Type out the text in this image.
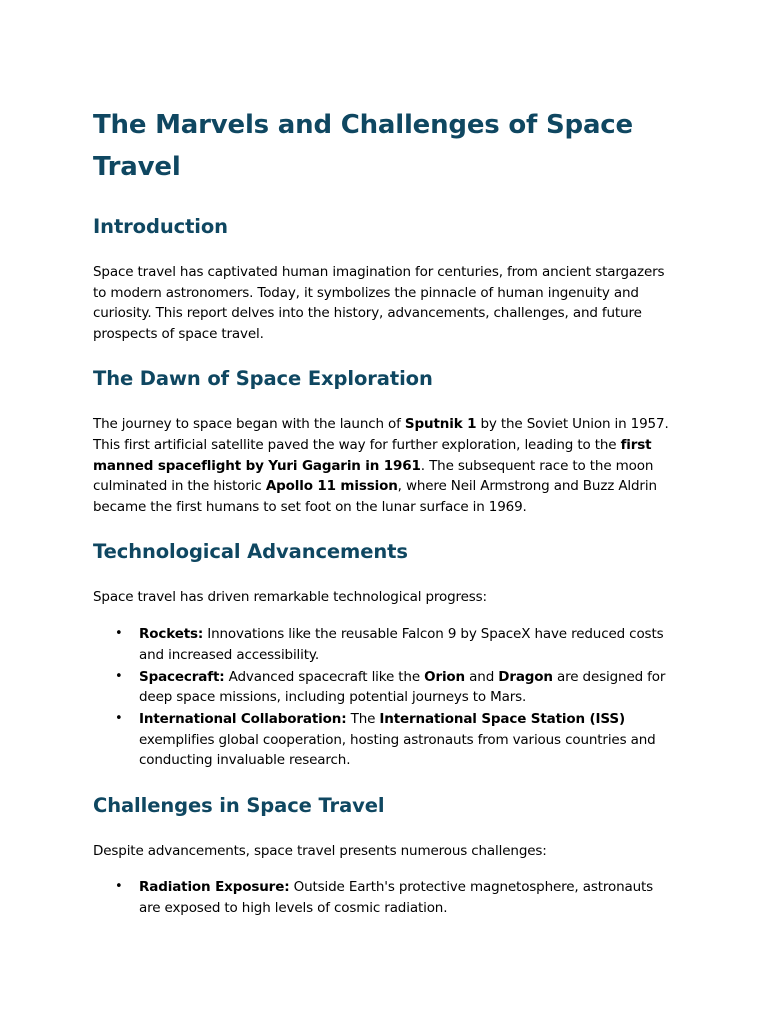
The Marvels and Challenges of Space Travel
Introduction

Space travel has captivated human imagination for centuries, from ancient stargazers to modern astronomers. Today, it symbolizes the pinnacle of human ingenuity and curiosity. This report delves into the history, advancements, challenges, and future prospects of space travel.

The Dawn of Space Exploration

The journey to space began with the launch of Sputnik 1 by the Soviet Union in 1957. This first artificial satellite paved the way for further exploration, leading to the first manned spaceflight by Yuri Gagarin in 1961. The subsequent race to the moon culminated in the historic Apollo 11 mission, where Neil Armstrong and Buzz Aldrin became the first humans to set foot on the lunar surface in 1969.

Technological Advancements

Space travel has driven remarkable technological progress:

• Rockets: Innovations like the reusable Falcon 9 by SpaceX have reduced costs and increased accessibility.
• Spacecraft: Advanced spacecraft like the Orion and Dragon are designed for deep space missions, including potential journeys to Mars.
• International Collaboration: The International Space Station (ISS) exemplifies global cooperation, hosting astronauts from various countries and conducting invaluable research.
Challenges in Space Travel

Despite advancements, space travel presents numerous challenges:

• Radiation Exposure: Outside Earth's protective magnetosphere, astronauts are exposed to high levels of cosmic radiation.
